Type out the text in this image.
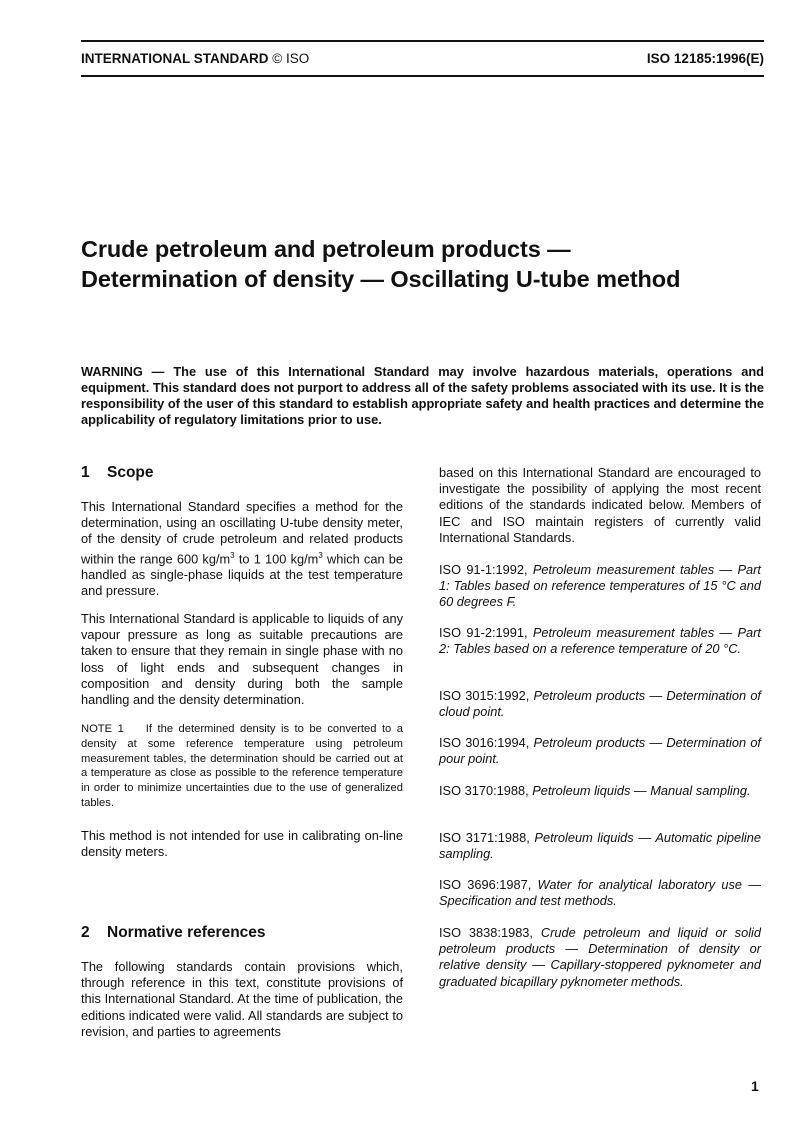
INTERNATIONAL STANDARD © ISO	ISO 12185:1996(E)
Crude petroleum and petroleum products —
Determination of density — Oscillating U-tube method

WARNING — The use of this International Standard may involve hazardous materials, operations and equipment. This standard does not purport to address all of the safety problems associated with its use. It is the responsibility of the user of this standard to establish appropriate safety and health practices and determine the applicability of regulatory limitations prior to use.

1 Scope

This International Standard specifies a method for the determination, using an oscillating U-tube density meter, of the density of crude petroleum and related products within the range 600 $kg/m^3$ to 1 100 $kg/m^3$ which can be handled as single-phase liquids at the test temperature and pressure.

This International Standard is applicable to liquids of any vapour pressure as long as suitable precautions are taken to ensure that they remain in single phase with no loss of light ends and subsequent changes in composition and density during both the sample handling and the density determination.

NOTE 1 If the determined density is to be converted to a density at some reference temperature using petroleum measurement tables, the determination should be carried out at a temperature as close as possible to the reference temperature in order to minimize uncertainties due to the use of generalized tables.

This method is not intended for use in calibrating on-line density meters.

2 Normative references

The following standards contain provisions which, through reference in this text, constitute provisions of this International Standard. At the time of publication, the editions indicated were valid. All standards are subject to revision, and parties to agreements

based on this International Standard are encouraged to investigate the possibility of applying the most recent editions of the standards indicated below. Members of IEC and ISO maintain registers of currently valid International Standards.

ISO 91-1:1992, Petroleum measurement tables — Part 1: Tables based on reference temperatures of 15 °C and 60 degrees F.

ISO 91-2:1991, Petroleum measurement tables — Part 2: Tables based on a reference temperature of 20 °C.

ISO 3015:1992, Petroleum products — Determination of cloud point.

ISO 3016:1994, Petroleum products — Determination of pour point.

ISO 3170:1988, Petroleum liquids — Manual sampling.

ISO 3171:1988, Petroleum liquids — Automatic pipeline sampling.

ISO 3696:1987, Water for analytical laboratory use — Specification and test methods.

ISO 3838:1983, Crude petroleum and liquid or solid petroleum products — Determination of density or relative density — Capillary-stoppered pyknometer and graduated bicapillary pyknometer methods.

1
